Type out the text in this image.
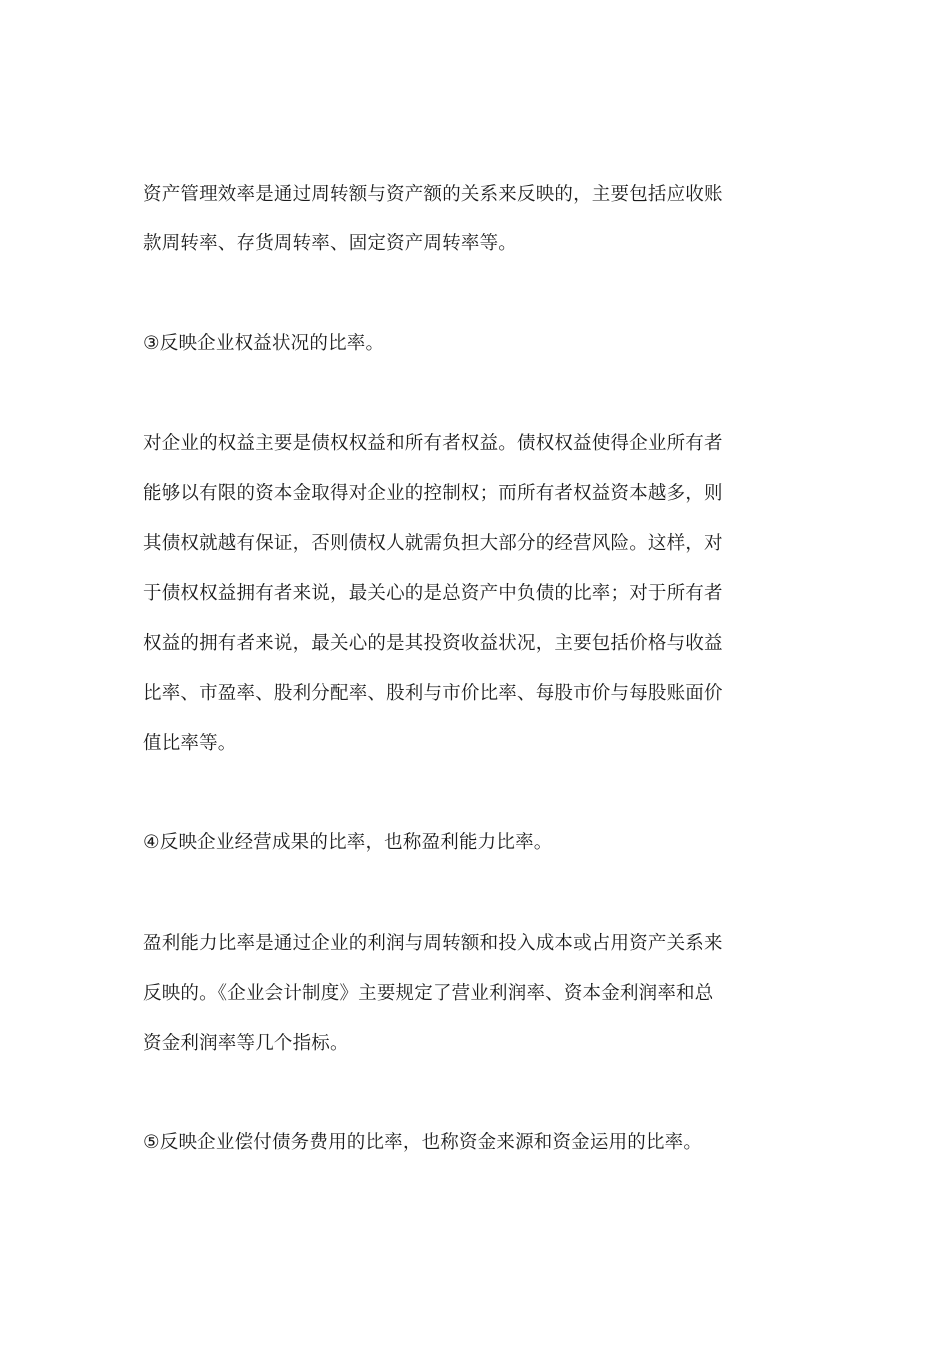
资产管理效率是通过周转额与资产额的关系来反映的，主要包括应收账
款周转率、存货周转率、固定资产周转率等。
③反映企业权益状况的比率。
对企业的权益主要是债权权益和所有者权益。债权权益使得企业所有者
能够以有限的资本金取得对企业的控制权；而所有者权益资本越多，则
其债权就越有保证，否则债权人就需负担大部分的经营风险。这样，对
于债权权益拥有者来说，最关心的是总资产中负债的比率；对于所有者
权益的拥有者来说，最关心的是其投资收益状况，主要包括价格与收益
比率、市盈率、股利分配率、股利与市价比率、每股市价与每股账面价
值比率等。
④反映企业经营成果的比率，也称盈利能力比率。
盈利能力比率是通过企业的利润与周转额和投入成本或占用资产关系来
反映的。《企业会计制度》主要规定了营业利润率、资本金利润率和总
资金利润率等几个指标。
⑤反映企业偿付债务费用的比率，也称资金来源和资金运用的比率。
